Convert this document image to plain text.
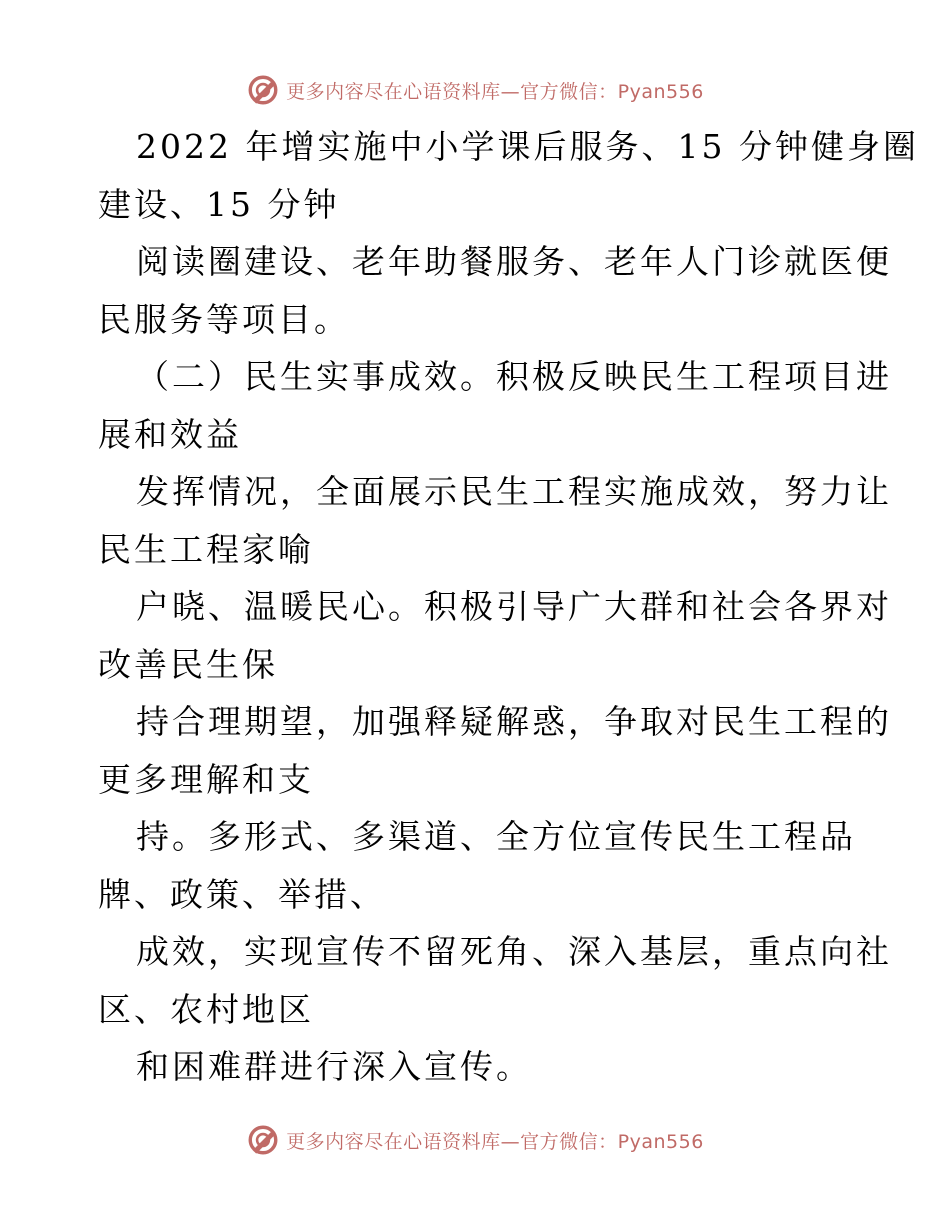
更多内容尽在心语资料库—官方微信：Pyan556
2022 年增实施中小学课后服务、15 分钟健身圈
建设、15 分钟
阅读圈建设、老年助餐服务、老年人门诊就医便
民服务等项目。
（二）民生实事成效。积极反映民生工程项目进
展和效益
发挥情况，全面展示民生工程实施成效，努力让
民生工程家喻
户晓、温暖民心。积极引导广大群和社会各界对
改善民生保
持合理期望，加强释疑解惑，争取对民生工程的
更多理解和支
持。多形式、多渠道、全方位宣传民生工程品
牌、政策、举措、
成效，实现宣传不留死角、深入基层，重点向社
区、农村地区
和困难群进行深入宣传。
更多内容尽在心语资料库—官方微信：Pyan556
